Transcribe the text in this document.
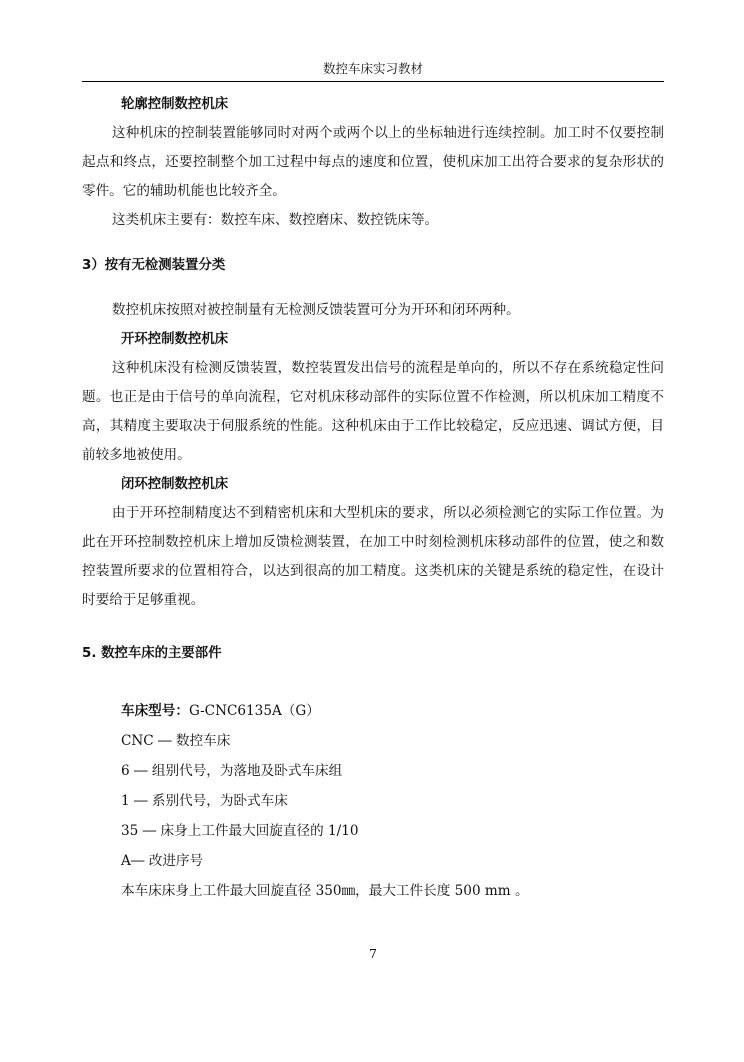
数控车床实习教材

轮廓控制数控机床

这种机床的控制装置能够同时对两个或两个以上的坐标轴进行连续控制。加工时不仅要控制起点和终点，还要控制整个加工过程中每点的速度和位置，使机床加工出符合要求的复杂形状的零件。它的辅助机能也比较齐全。

这类机床主要有：数控车床、数控磨床、数控铣床等。

3）按有无检测装置分类

数控机床按照对被控制量有无检测反馈装置可分为开环和闭环两种。

开环控制数控机床

这种机床没有检测反馈装置，数控装置发出信号的流程是单向的，所以不存在系统稳定性问题。也正是由于信号的单向流程，它对机床移动部件的实际位置不作检测，所以机床加工精度不高，其精度主要取决于伺服系统的性能。这种机床由于工作比较稳定，反应迅速、调试方便，目前较多地被使用。

闭环控制数控机床

由于开环控制精度达不到精密机床和大型机床的要求，所以必须检测它的实际工作位置。为此在开环控制数控机床上增加反馈检测装置，在加工中时刻检测机床移动部件的位置，使之和数控装置所要求的位置相符合，以达到很高的加工精度。这类机床的关键是系统的稳定性，在设计时要给于足够重视。

5. 数控车床的主要部件

车床型号：G-CNC6135A（G）

CNC ― 数控车床

6 ― 组别代号，为落地及卧式车床组

1 ― 系别代号，为卧式车床

35 ― 床身上工件最大回旋直径的 1/10

A― 改进序号

本车床床身上工件最大回旋直径 350㎜，最大工件长度 500 mm 。

7
